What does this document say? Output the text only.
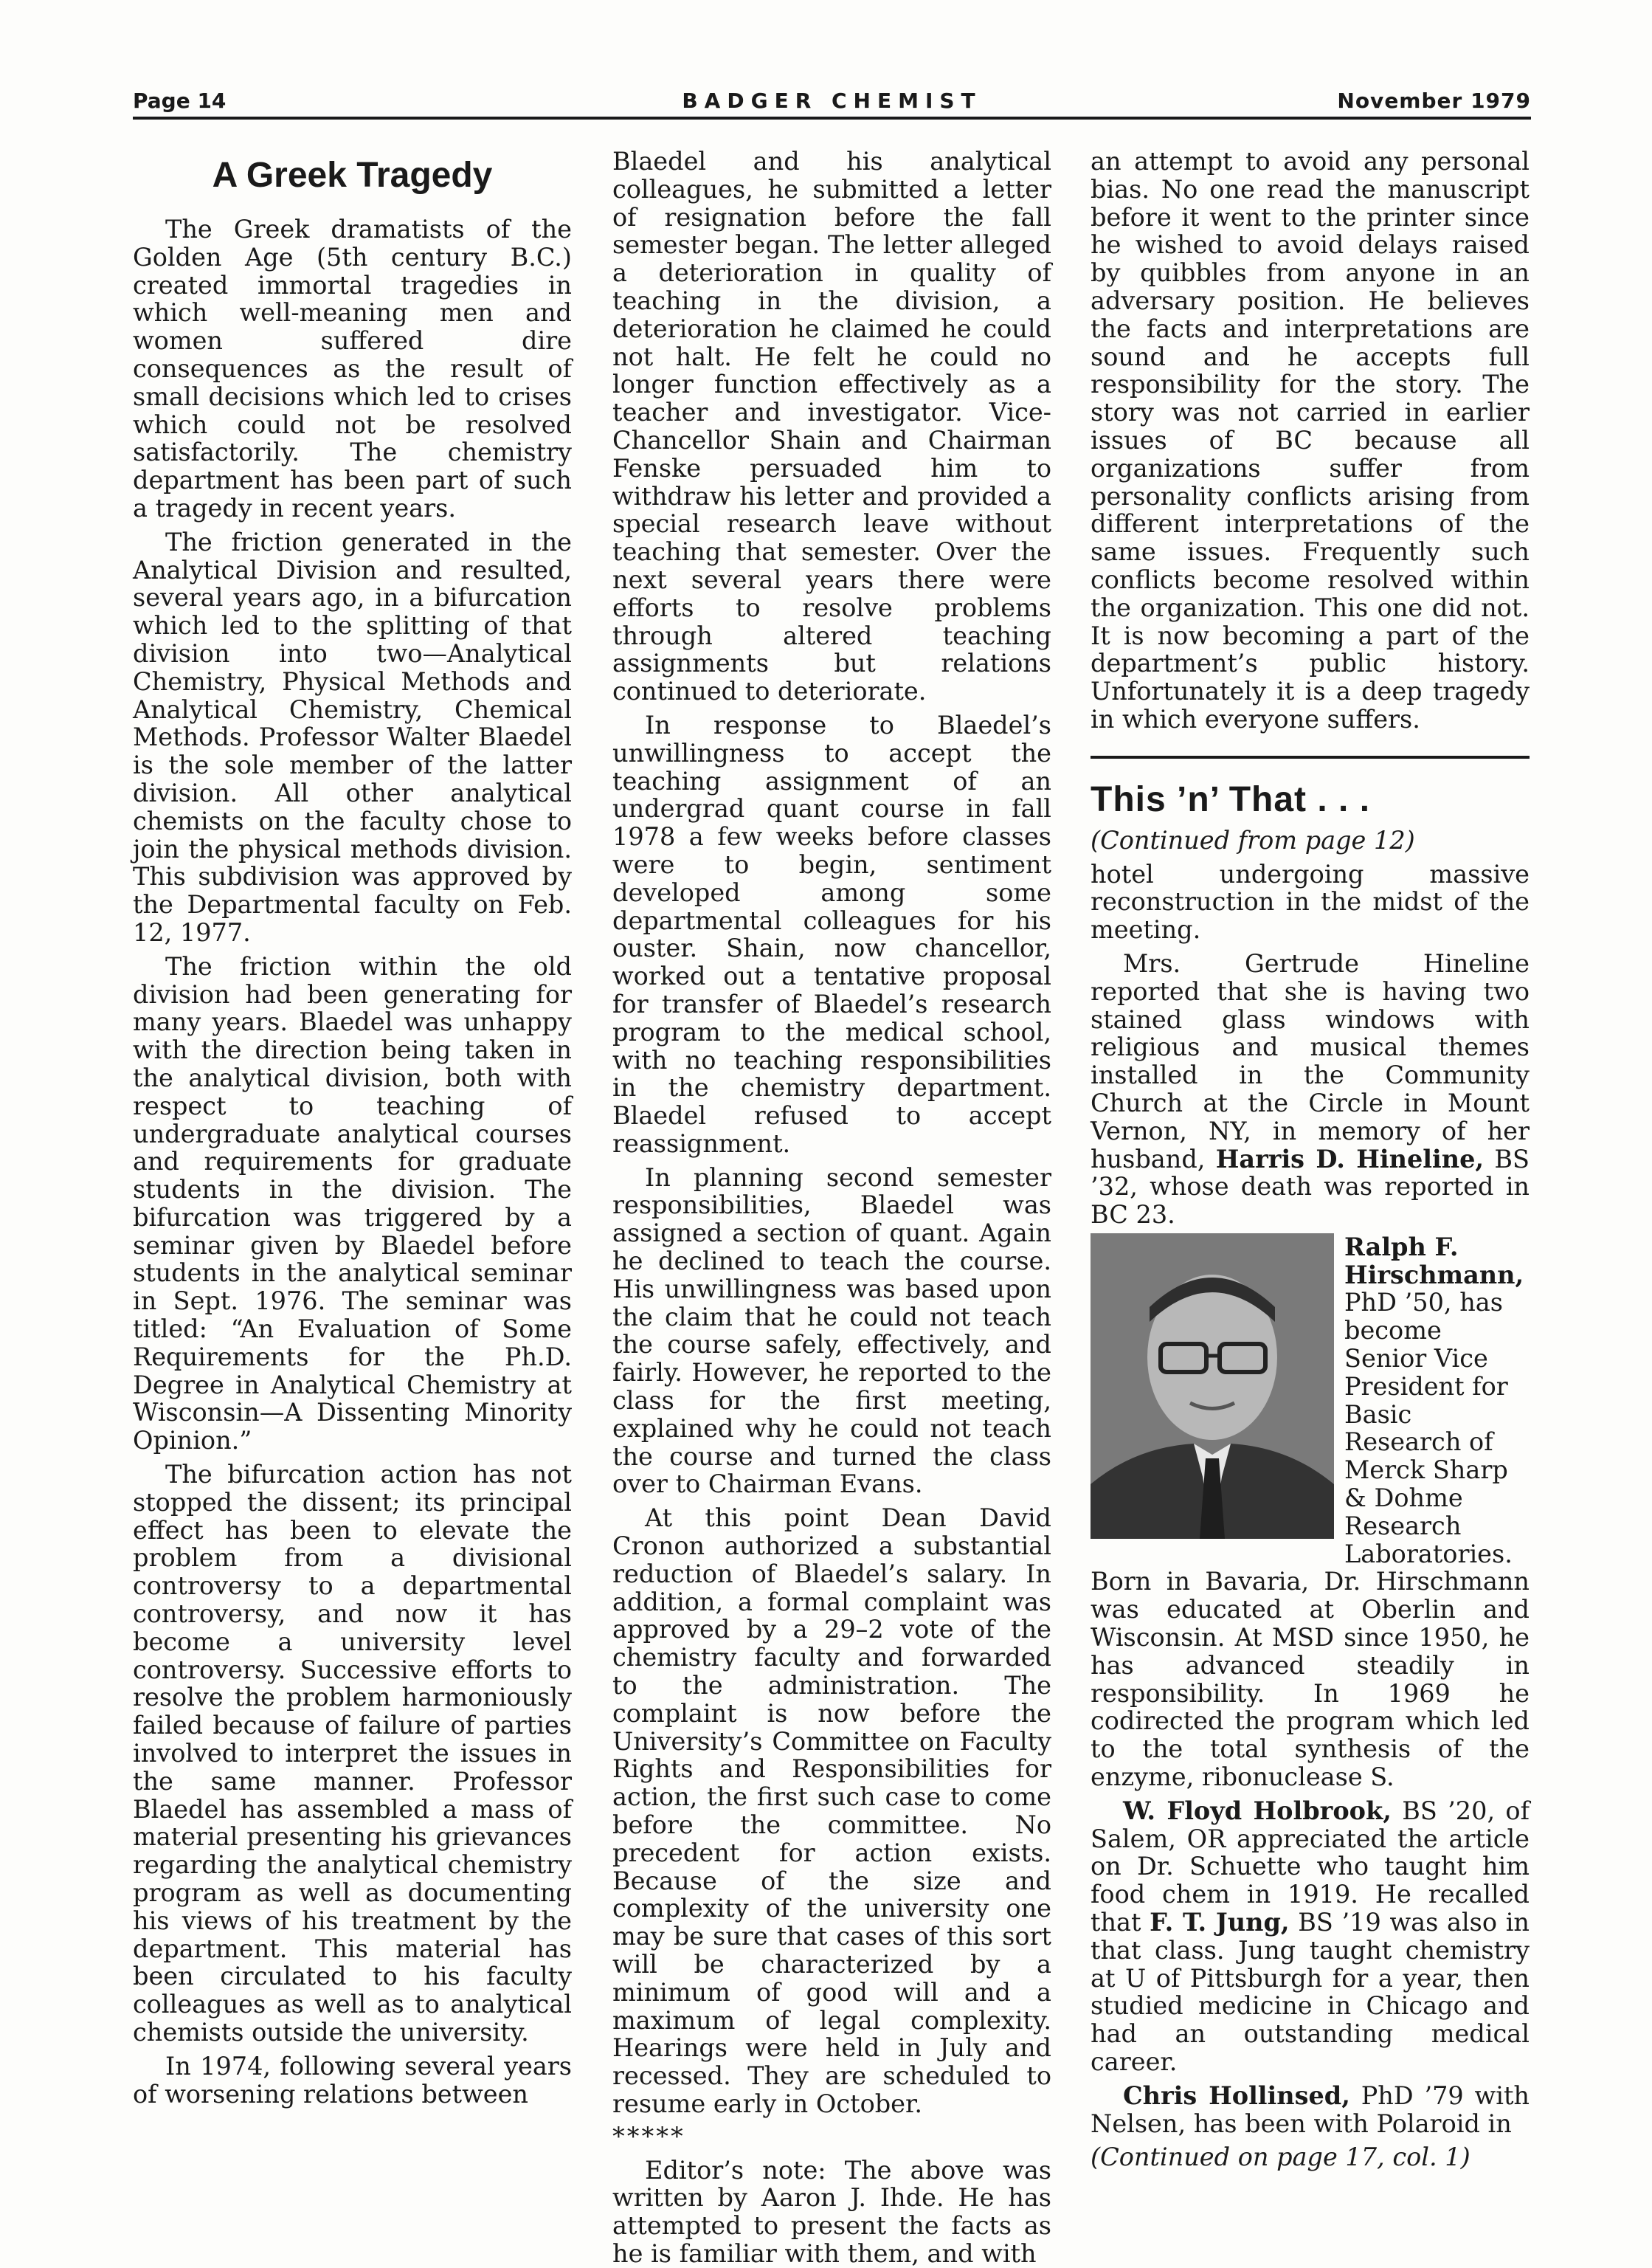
Page 14	BADGER CHEMIST	November 1979
A Greek Tragedy

The Greek dramatists of the Golden Age (5th century B.C.) created immortal tragedies in which well-meaning men and women suffered dire consequences as the result of small decisions which led to crises which could not be resolved satisfactorily. The chemistry department has been part of such a tragedy in recent years.

The friction generated in the Analytical Division and resulted, several years ago, in a bifurcation which led to the splitting of that division into two—Analytical Chemistry, Physical Methods and Analytical Chemistry, Chemical Methods. Professor Walter Blaedel is the sole member of the latter division. All other analytical chemists on the faculty chose to join the physical methods division. This subdivision was approved by the Departmental faculty on Feb. 12, 1977.

The friction within the old division had been generating for many years. Blaedel was unhappy with the direction being taken in the analytical division, both with respect to teaching of undergraduate analytical courses and requirements for graduate students in the division. The bifurcation was triggered by a seminar given by Blaedel before students in the analytical seminar in Sept. 1976. The seminar was titled: “An Evaluation of Some Requirements for the Ph.D. Degree in Analytical Chemistry at Wisconsin—A Dissenting Minority Opinion.”

The bifurcation action has not stopped the dissent; its principal effect has been to elevate the problem from a divisional controversy to a departmental controversy, and now it has become a university level controversy. Successive efforts to resolve the problem harmoniously failed because of failure of parties involved to interpret the issues in the same manner. Professor Blaedel has assembled a mass of material presenting his grievances regarding the analytical chemistry program as well as documenting his views of his treatment by the department. This material has been circulated to his faculty colleagues as well as to analytical chemists outside the university.

In 1974, following several years of worsening relations between

Blaedel and his analytical colleagues, he submitted a letter of resignation before the fall semester began. The letter alleged a deterioration in quality of teaching in the division, a deterioration he claimed he could not halt. He felt he could no longer function effectively as a teacher and investigator. Vice-Chancellor Shain and Chairman Fenske persuaded him to withdraw his letter and provided a special research leave without teaching that semester. Over the next several years there were efforts to resolve problems through altered teaching assignments but relations continued to deteriorate.

In response to Blaedel’s unwillingness to accept the teaching assignment of an undergrad quant course in fall 1978 a few weeks before classes were to begin, sentiment developed among some departmental colleagues for his ouster. Shain, now chancellor, worked out a tentative proposal for transfer of Blaedel’s research program to the medical school, with no teaching responsibilities in the chemistry department. Blaedel refused to accept reassignment.

In planning second semester responsibilities, Blaedel was assigned a section of quant. Again he declined to teach the course. His unwillingness was based upon the claim that he could not teach the course safely, effectively, and fairly. However, he reported to the class for the first meeting, explained why he could not teach the course and turned the class over to Chairman Evans.

At this point Dean David Cronon authorized a substantial reduction of Blaedel’s salary. In addition, a formal complaint was approved by a 29–2 vote of the chemistry faculty and forwarded to the administration. The complaint is now before the University’s Committee on Faculty Rights and Responsibilities for action, the first such case to come before the committee. No precedent for action exists. Because of the size and complexity of the university one may be sure that cases of this sort will be characterized by a minimum of good will and a maximum of legal complexity. Hearings were held in July and recessed. They are scheduled to resume early in October.

*****

Editor’s note: The above was written by Aaron J. Ihde. He has attempted to present the facts as he is familiar with them, and with

an attempt to avoid any personal bias. No one read the manuscript before it went to the printer since he wished to avoid delays raised by quibbles from anyone in an adversary position. He believes the facts and interpretations are sound and he accepts full responsibility for the story. The story was not carried in earlier issues of BC because all organizations suffer from personality conflicts arising from different interpretations of the same issues. Frequently such conflicts become resolved within the organization. This one did not. It is now becoming a part of the department’s public history. Unfortunately it is a deep tragedy in which everyone suffers.

This ’n’ That . . .

(Continued from page 12)

hotel undergoing massive reconstruction in the midst of the meeting.

Mrs. Gertrude Hineline reported that she is having two stained glass windows with religious and musical themes installed in the Community Church at the Circle in Mount Vernon, NY, in memory of her husband, Harris D. Hineline, BS ’32, whose death was reported in BC 23.

Ralph F. Hirschmann, PhD ’50, has become Senior Vice President for Basic Research of Merck Sharp & Dohme Research Laboratories.

Born in Bavaria, Dr. Hirschmann was educated at Oberlin and Wisconsin. At MSD since 1950, he has advanced steadily in responsibility. In 1969 he codirected the program which led to the total synthesis of the enzyme, ribonuclease S.

W. Floyd Holbrook, BS ’20, of Salem, OR appreciated the article on Dr. Schuette who taught him food chem in 1919. He recalled that F. T. Jung, BS ’19 was also in that class. Jung taught chemistry at U of Pittsburgh for a year, then studied medicine in Chicago and had an outstanding medical career.

Chris Hollinsed, PhD ’79 with Nelsen, has been with Polaroid in

(Continued on page 17, col. 1)
